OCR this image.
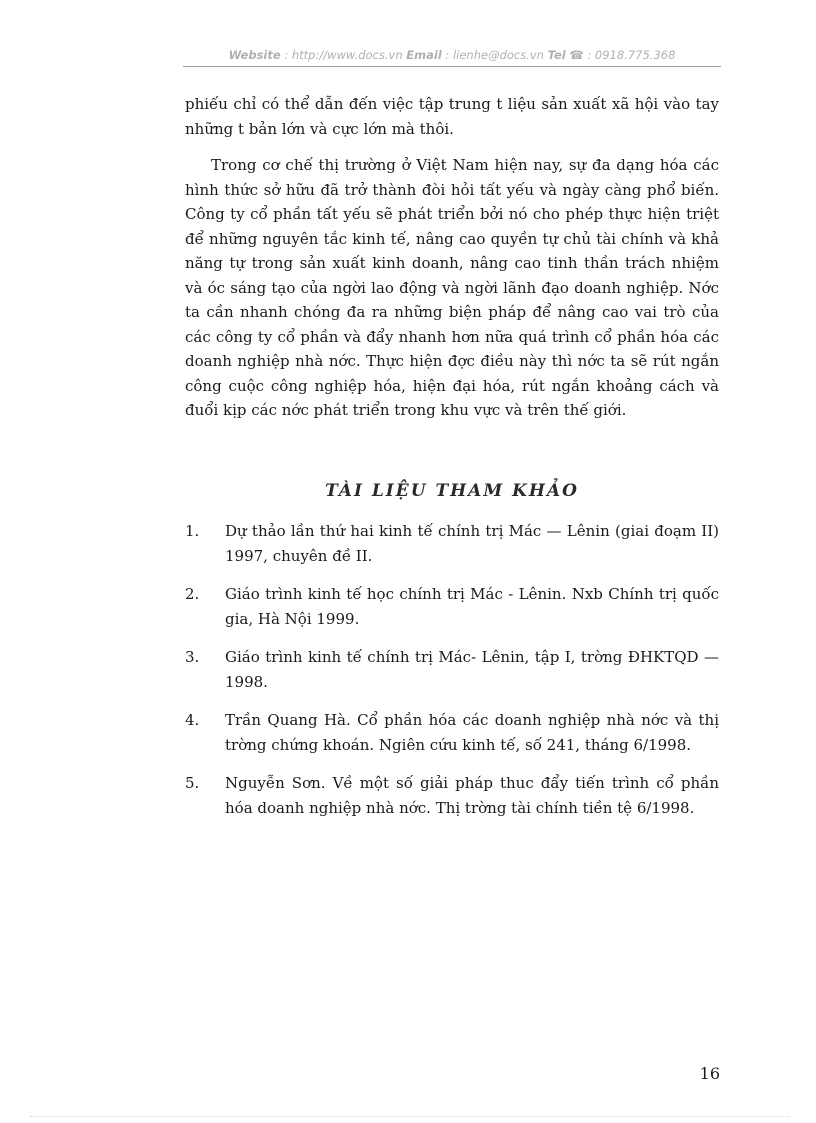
Website : http://www.docs.vn Email : lienhe@docs.vn Tel ☎ : 0918.775.368

phiếu chỉ có thể dẫn đến việc tập trung t liệu sản xuất xã hội vào tay những t bản lớn và cực lớn mà thôi.

Trong cơ chế thị trường ở Việt Nam hiện nay, sự đa dạng hóa các hình thức sở hữu đã trở thành đòi hỏi tất yếu và ngày càng phổ biến. Công ty cổ phần tất yếu sẽ phát triển bởi nó cho phép thực hiện triệt để những nguyên tắc kinh tế, nâng cao quyền tự chủ tài chính và khả năng tự trong sản xuất kinh doanh, nâng cao tinh thần trách nhiệm và óc sáng tạo của ngời lao động và ngời lãnh đạo doanh nghiệp. Nớc ta cần nhanh chóng đa ra những biện pháp để nâng cao vai trò của các công ty cổ phần và đẩy nhanh hơn nữa quá trình cổ phần hóa các doanh nghiệp nhà nớc. Thực hiện đợc điều này thì nớc ta sẽ rút ngắn công cuộc công nghiệp hóa, hiện đại hóa, rút ngắn khoảng cách và đuổi kịp các nớc phát triển trong khu vực và trên thế giới.

TÀI LIỆU THAM KHẢO
1.	Dự thảo lần thứ hai kinh tế chính trị Mác — Lênin (giai đoạm II) 1997, chuyên đề II.
2.	Giáo trình kinh tế học chính trị Mác - Lênin. Nxb Chính trị quốc gia, Hà Nội 1999.
3.	Giáo trình kinh tế chính trị Mác- Lênin, tập I, trờng ĐHKTQD — 1998.
4.	Trần Quang Hà. Cổ phần hóa các doanh nghiệp nhà nớc và thị trờng chứng khoán. Ngiên cứu kinh tế, số 241, tháng 6/1998.
5.	Nguyễn Sơn. Về một số giải pháp thuc đẩy tiến trình cổ phần hóa doanh nghiệp nhà nớc. Thị trờng tài chính tiền tệ 6/1998.
16
